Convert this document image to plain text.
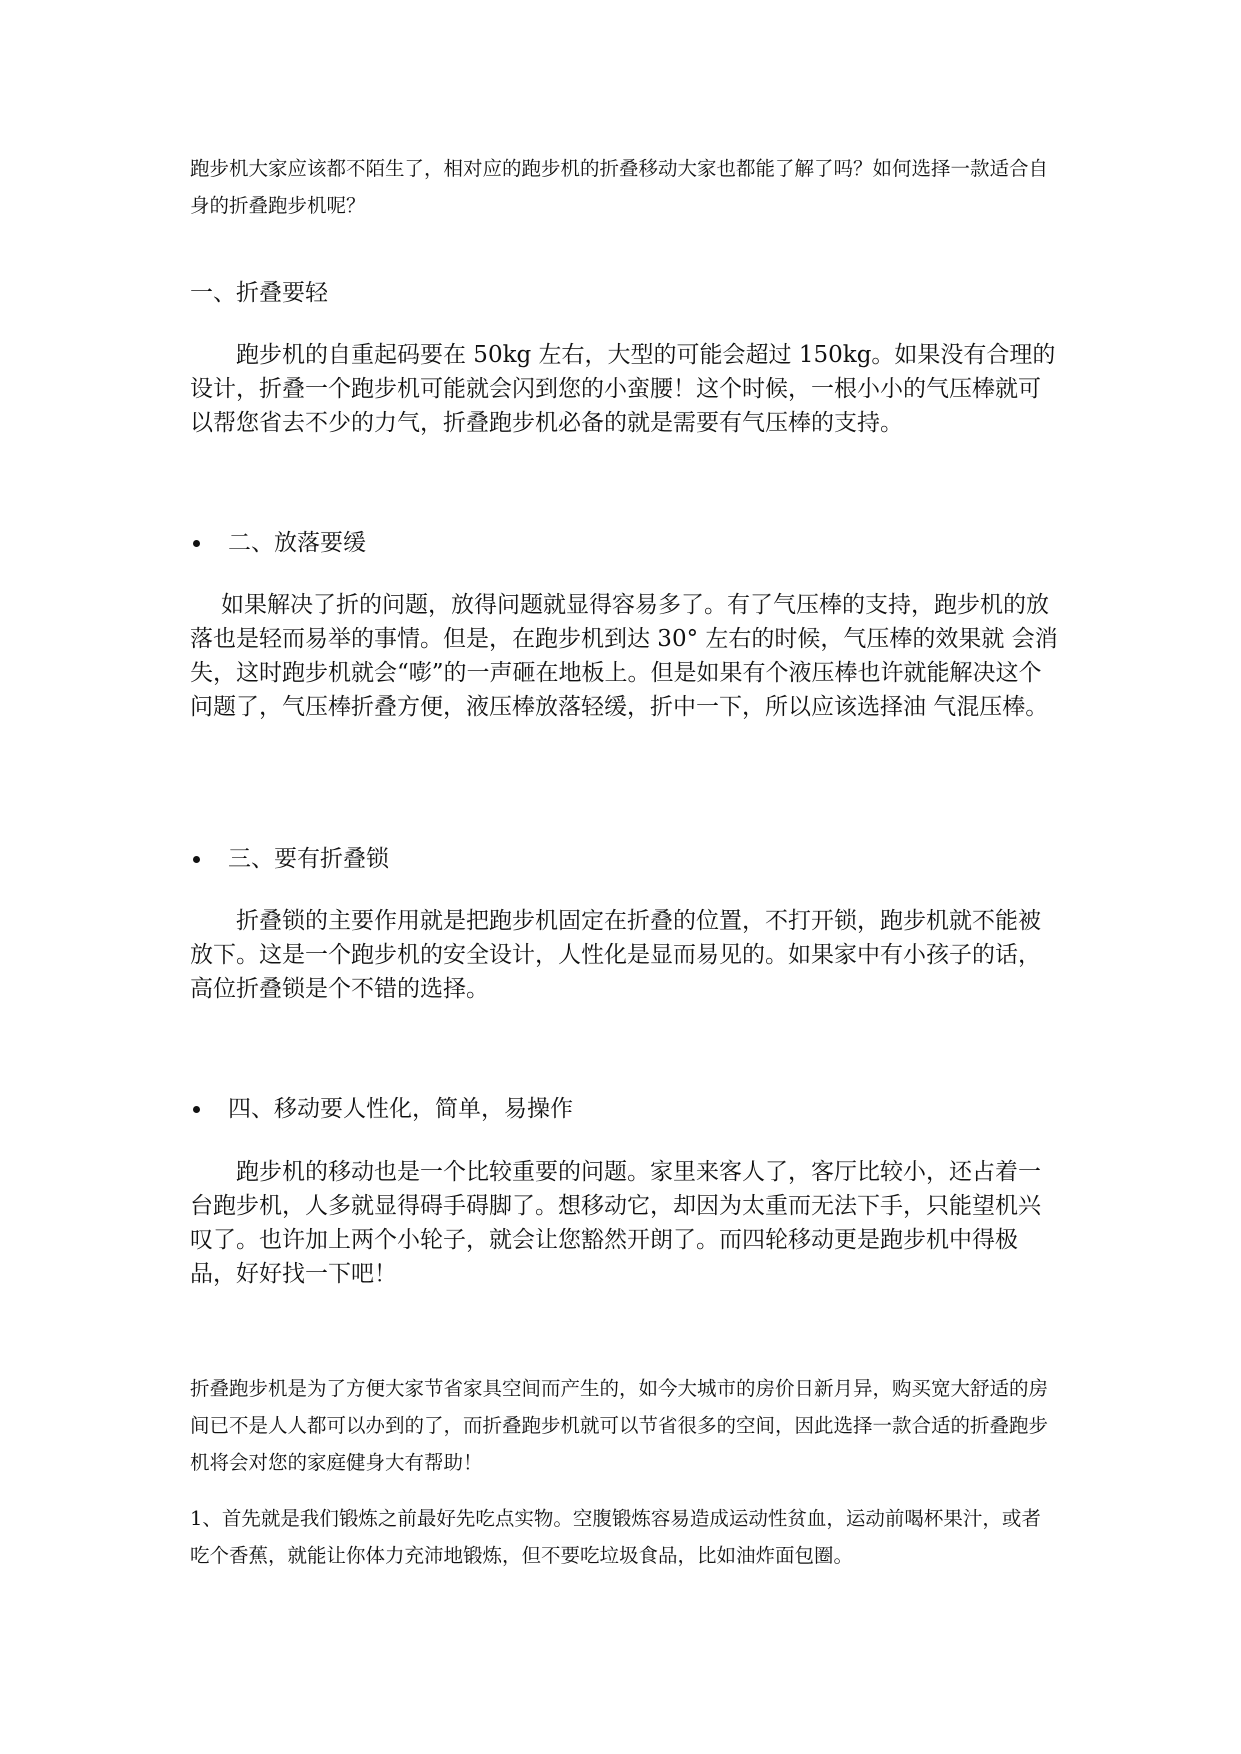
跑步机大家应该都不陌生了，相对应的跑步机的折叠移动大家也都能了解了吗？如何选择一款适合自身的折叠跑步机呢？

一、折叠要轻

跑步机的自重起码要在 50kg 左右，大型的可能会超过 150kg。如果没有合理的设计，折叠一个跑步机可能就会闪到您的小蛮腰！这个时候，一根小小的气压棒就可以帮您省去不少的力气，折叠跑步机必备的就是需要有气压棒的支持。

二、放落要缓

如果解决了折的问题，放得问题就显得容易多了。有了气压棒的支持，跑步机的放落也是轻而易举的事情。但是，在跑步机到达 30° 左右的时候，气压棒的效果就 会消失，这时跑步机就会“嘭”的一声砸在地板上。但是如果有个液压棒也许就能解决这个问题了，气压棒折叠方便，液压棒放落轻缓，折中一下，所以应该选择油 气混压棒。

三、要有折叠锁

折叠锁的主要作用就是把跑步机固定在折叠的位置，不打开锁，跑步机就不能被放下。这是一个跑步机的安全设计，人性化是显而易见的。如果家中有小孩子的话，高位折叠锁是个不错的选择。

四、移动要人性化，简单，易操作

跑步机的移动也是一个比较重要的问题。家里来客人了，客厅比较小，还占着一台跑步机，人多就显得碍手碍脚了。想移动它，却因为太重而无法下手，只能望机兴叹了。也许加上两个小轮子，就会让您豁然开朗了。而四轮移动更是跑步机中得极品，好好找一下吧！

折叠跑步机是为了方便大家节省家具空间而产生的，如今大城市的房价日新月异，购买宽大舒适的房间已不是人人都可以办到的了，而折叠跑步机就可以节省很多的空间，因此选择一款合适的折叠跑步机将会对您的家庭健身大有帮助！

1、首先就是我们锻炼之前最好先吃点实物。空腹锻炼容易造成运动性贫血，运动前喝杯果汁，或者吃个香蕉，就能让你体力充沛地锻炼，但不要吃垃圾食品，比如油炸面包圈。
